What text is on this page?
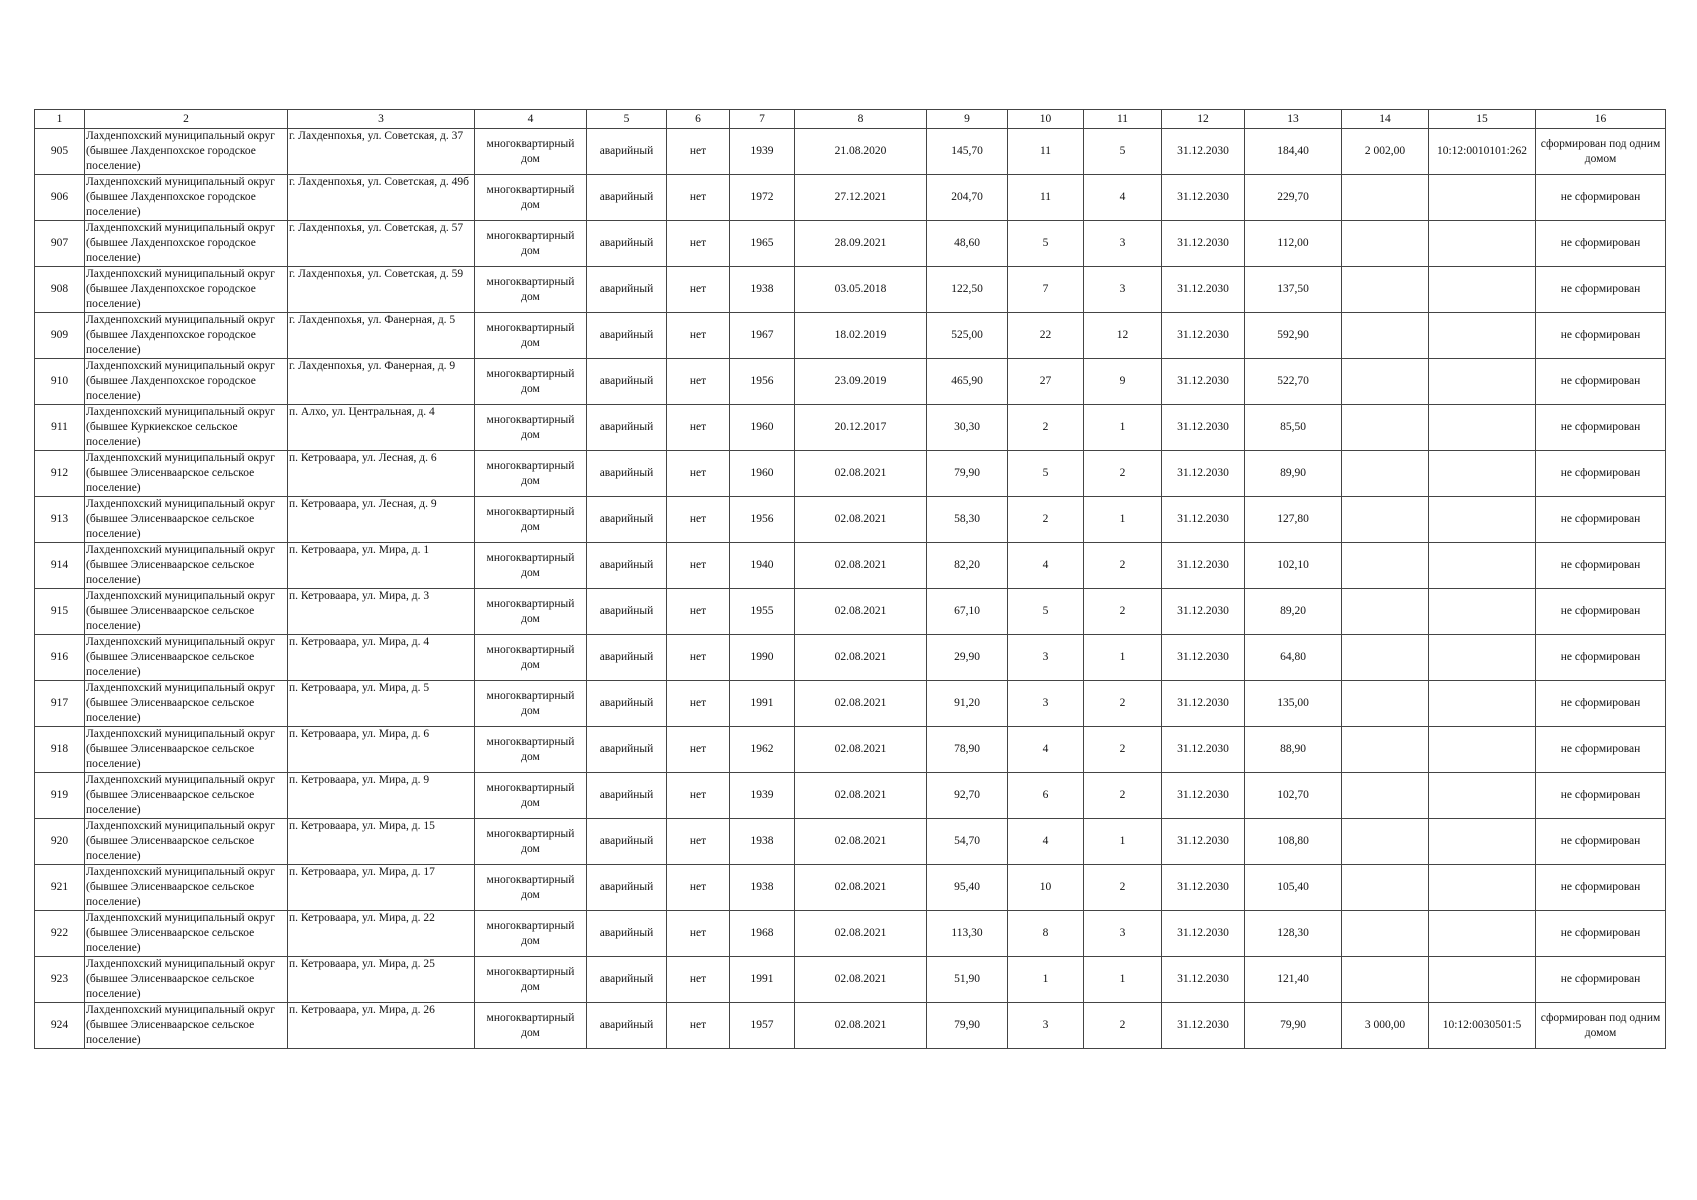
1	2	3	4	5	6	7	8	9	10	11	12	13	14	15	16
905	Лахденпохский муниципальный округ (бывшее Лахденпохское городское поселение)	г. Лахденпохья, ул. Советская, д. 37	многоквартирный дом	аварийный	нет	1939	21.08.2020	145,70	11	5	31.12.2030	184,40	2 002,00	10:12:0010101:262	сформирован под одним домом
906	Лахденпохский муниципальный округ (бывшее Лахденпохское городское поселение)	г. Лахденпохья, ул. Советская, д. 49б	многоквартирный дом	аварийный	нет	1972	27.12.2021	204,70	11	4	31.12.2030	229,70			не сформирован
907	Лахденпохский муниципальный округ (бывшее Лахденпохское городское поселение)	г. Лахденпохья, ул. Советская, д. 57	многоквартирный дом	аварийный	нет	1965	28.09.2021	48,60	5	3	31.12.2030	112,00			не сформирован
908	Лахденпохский муниципальный округ (бывшее Лахденпохское городское поселение)	г. Лахденпохья, ул. Советская, д. 59	многоквартирный дом	аварийный	нет	1938	03.05.2018	122,50	7	3	31.12.2030	137,50			не сформирован
909	Лахденпохский муниципальный округ (бывшее Лахденпохское городское поселение)	г. Лахденпохья, ул. Фанерная, д. 5	многоквартирный дом	аварийный	нет	1967	18.02.2019	525,00	22	12	31.12.2030	592,90			не сформирован
910	Лахденпохский муниципальный округ (бывшее Лахденпохское городское поселение)	г. Лахденпохья, ул. Фанерная, д. 9	многоквартирный дом	аварийный	нет	1956	23.09.2019	465,90	27	9	31.12.2030	522,70			не сформирован
911	Лахденпохский муниципальный округ (бывшее Куркиекское сельское поселение)	п. Алхо, ул. Центральная, д. 4	многоквартирный дом	аварийный	нет	1960	20.12.2017	30,30	2	1	31.12.2030	85,50			не сформирован
912	Лахденпохский муниципальный округ (бывшее Элисенваарское сельское поселение)	п. Кетроваара, ул. Лесная, д. 6	многоквартирный дом	аварийный	нет	1960	02.08.2021	79,90	5	2	31.12.2030	89,90			не сформирован
913	Лахденпохский муниципальный округ (бывшее Элисенваарское сельское поселение)	п. Кетроваара, ул. Лесная, д. 9	многоквартирный дом	аварийный	нет	1956	02.08.2021	58,30	2	1	31.12.2030	127,80			не сформирован
914	Лахденпохский муниципальный округ (бывшее Элисенваарское сельское поселение)	п. Кетроваара, ул. Мира, д. 1	многоквартирный дом	аварийный	нет	1940	02.08.2021	82,20	4	2	31.12.2030	102,10			не сформирован
915	Лахденпохский муниципальный округ (бывшее Элисенваарское сельское поселение)	п. Кетроваара, ул. Мира, д. 3	многоквартирный дом	аварийный	нет	1955	02.08.2021	67,10	5	2	31.12.2030	89,20			не сформирован
916	Лахденпохский муниципальный округ (бывшее Элисенваарское сельское поселение)	п. Кетроваара, ул. Мира, д. 4	многоквартирный дом	аварийный	нет	1990	02.08.2021	29,90	3	1	31.12.2030	64,80			не сформирован
917	Лахденпохский муниципальный округ (бывшее Элисенваарское сельское поселение)	п. Кетроваара, ул. Мира, д. 5	многоквартирный дом	аварийный	нет	1991	02.08.2021	91,20	3	2	31.12.2030	135,00			не сформирован
918	Лахденпохский муниципальный округ (бывшее Элисенваарское сельское поселение)	п. Кетроваара, ул. Мира, д. 6	многоквартирный дом	аварийный	нет	1962	02.08.2021	78,90	4	2	31.12.2030	88,90			не сформирован
919	Лахденпохский муниципальный округ (бывшее Элисенваарское сельское поселение)	п. Кетроваара, ул. Мира, д. 9	многоквартирный дом	аварийный	нет	1939	02.08.2021	92,70	6	2	31.12.2030	102,70			не сформирован
920	Лахденпохский муниципальный округ (бывшее Элисенваарское сельское поселение)	п. Кетроваара, ул. Мира, д. 15	многоквартирный дом	аварийный	нет	1938	02.08.2021	54,70	4	1	31.12.2030	108,80			не сформирован
921	Лахденпохский муниципальный округ (бывшее Элисенваарское сельское поселение)	п. Кетроваара, ул. Мира, д. 17	многоквартирный дом	аварийный	нет	1938	02.08.2021	95,40	10	2	31.12.2030	105,40			не сформирован
922	Лахденпохский муниципальный округ (бывшее Элисенваарское сельское поселение)	п. Кетроваара, ул. Мира, д. 22	многоквартирный дом	аварийный	нет	1968	02.08.2021	113,30	8	3	31.12.2030	128,30			не сформирован
923	Лахденпохский муниципальный округ (бывшее Элисенваарское сельское поселение)	п. Кетроваара, ул. Мира, д. 25	многоквартирный дом	аварийный	нет	1991	02.08.2021	51,90	1	1	31.12.2030	121,40			не сформирован
924	Лахденпохский муниципальный округ (бывшее Элисенваарское сельское поселение)	п. Кетроваара, ул. Мира, д. 26	многоквартирный дом	аварийный	нет	1957	02.08.2021	79,90	3	2	31.12.2030	79,90	3 000,00	10:12:0030501:5	сформирован под одним домом
